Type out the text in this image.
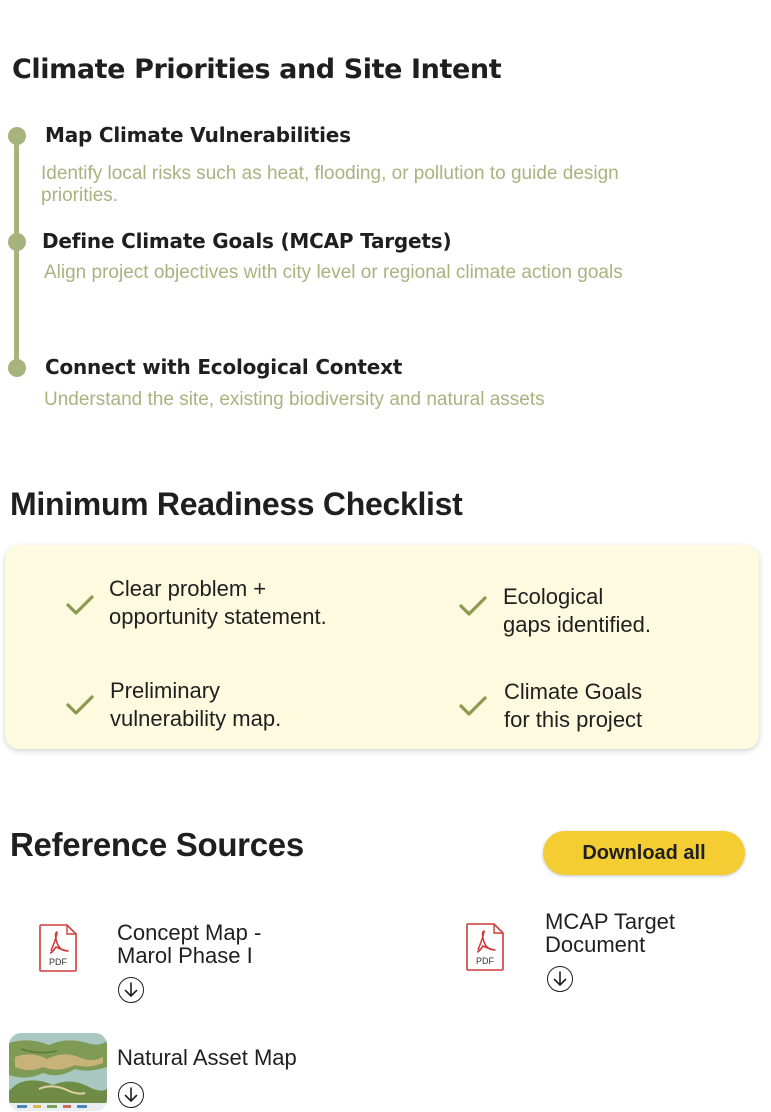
Climate Priorities and Site Intent
Map Climate Vulnerabilities
Identify local risks such as heat, flooding, or pollution to guide design
priorities.
Define Climate Goals (MCAP Targets)
Align project objectives with city level or regional climate action goals
Connect with Ecological Context
Understand the site, existing biodiversity and natural assets
Minimum Readiness Checklist
Clear problem +
opportunity statement.
Ecological
gaps identified.
Preliminary
vulnerability map.
Climate Goals
for this project
Reference Sources	Download all
PDF
Concept Map -
Marol Phase I	PDF
MCAP Target
Document
Natural Asset Map
